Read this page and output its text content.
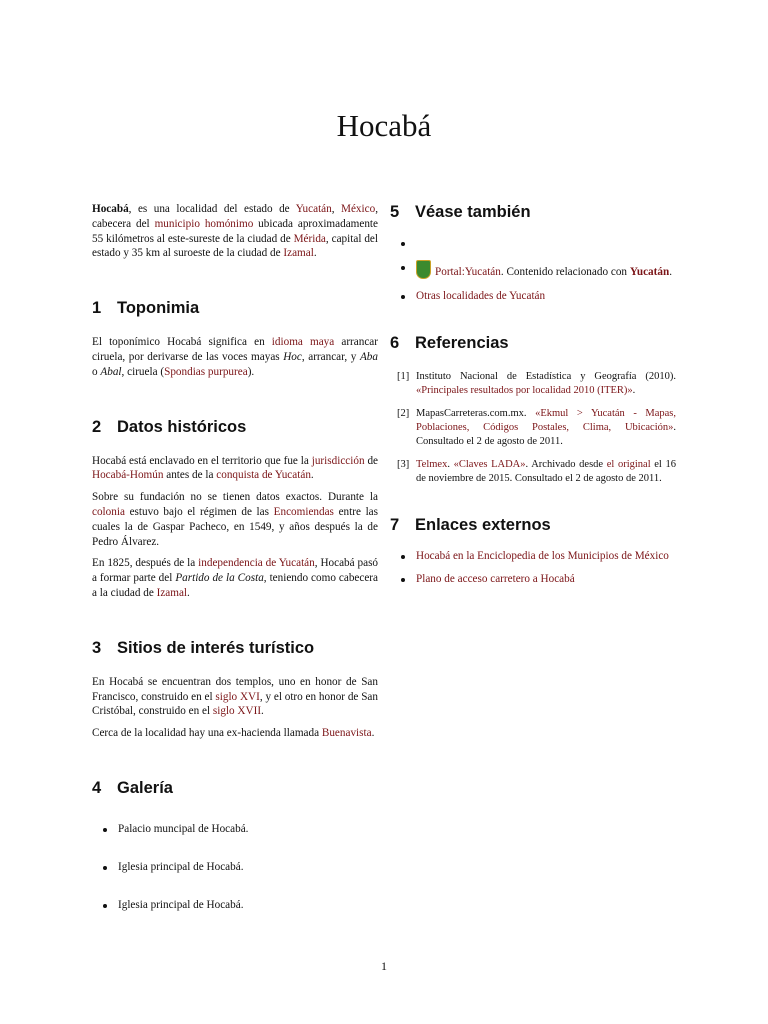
Hocabá

Hocabá, es una localidad del estado de Yucatán, México, cabecera del municipio homónimo ubicada aproximadamente 55 kilómetros al este-sureste de la ciudad de Mérida, capital del estado y 35 km al suroeste de la ciudad de Izamal.

1 Toponimia

El toponímico Hocabá significa en idioma maya arrancar ciruela, por derivarse de las voces mayas Hoc, arrancar, y Aba o Abal, ciruela (Spondias purpurea).

2 Datos históricos

Hocabá está enclavado en el territorio que fue la jurisdicción de Hocabá-Homún antes de la conquista de Yucatán.

Sobre su fundación no se tienen datos exactos. Durante la colonia estuvo bajo el régimen de las Encomiendas entre las cuales la de Gaspar Pacheco, en 1549, y años después la de Pedro Álvarez.

En 1825, después de la independencia de Yucatán, Hocabá pasó a formar parte del Partido de la Costa, teniendo como cabecera a la ciudad de Izamal.

3 Sitios de interés turístico

En Hocabá se encuentran dos templos, uno en honor de San Francisco, construido en el siglo XVI, y el otro en honor de San Cristóbal, construido en el siglo XVII.

Cerca de la localidad hay una ex-hacienda llamada Buenavista.

4 Galería
Palacio muncipal de Hocabá.
Iglesia principal de Hocabá.
Iglesia principal de Hocabá.
5 Véase también
Portal:Yucatán. Contenido relacionado con Yucatán.
Otras localidades de Yucatán
6 Referencias
[1] Instituto Nacional de Estadística y Geografía (2010). «Principales resultados por localidad 2010 (ITER)».
[2] MapasCarreteras.com.mx. «Ekmul > Yucatán - Mapas, Poblaciones, Códigos Postales, Clima, Ubicación». Consultado el 2 de agosto de 2011.
[3] Telmex. «Claves LADA». Archivado desde el original el 16 de noviembre de 2015. Consultado el 2 de agosto de 2011.
7 Enlaces externos
Hocabá en la Enciclopedia de los Municipios de México
Plano de acceso carretero a Hocabá
1
